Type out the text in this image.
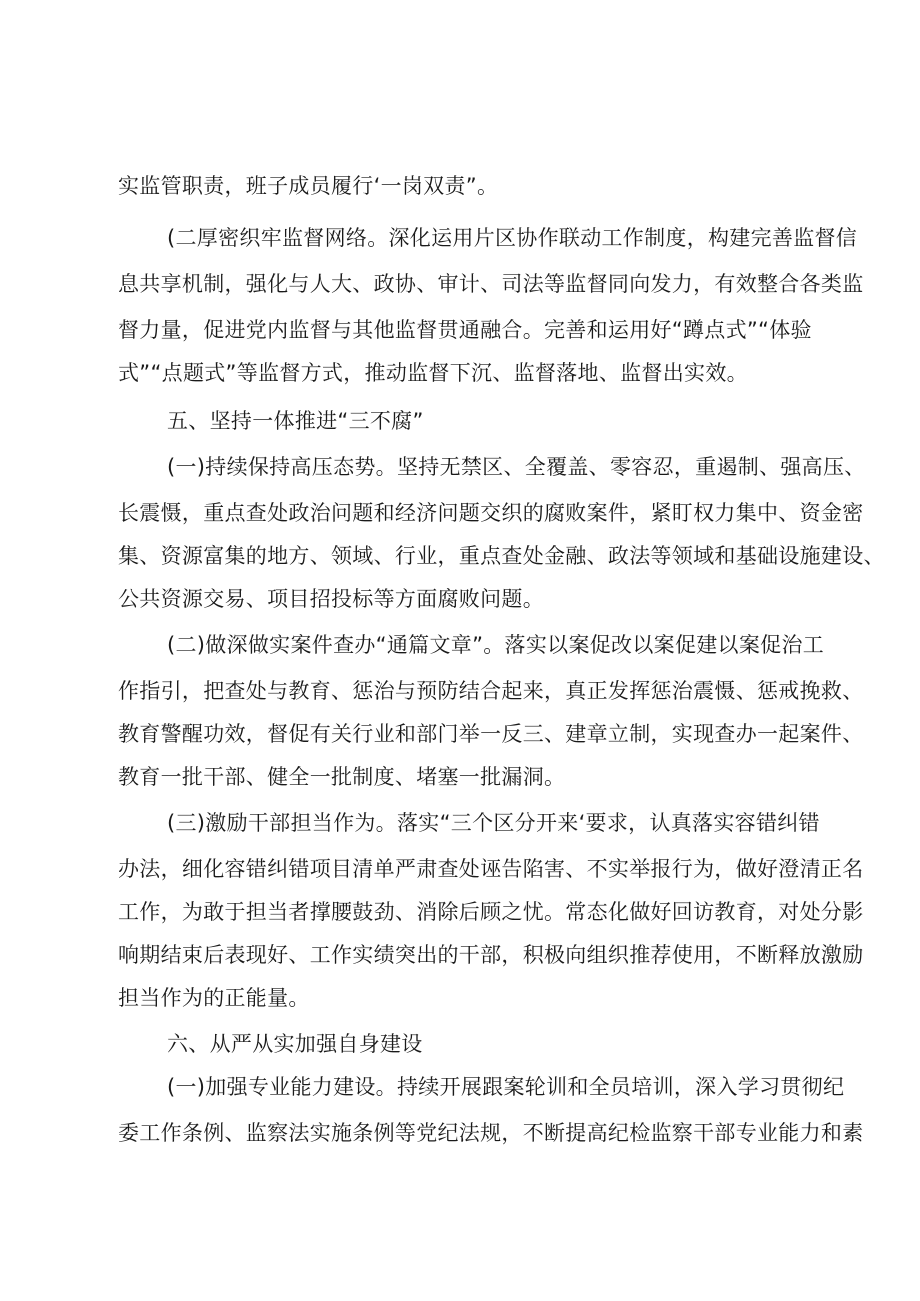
实监管职责，班子成员履行‘一岗双责”。
(二厚密织牢监督网络。深化运用片区协作联动工作制度，构建完善监督信
息共享机制，强化与人大、政协、审计、司法等监督同向发力，有效整合各类监
督力量，促进党内监督与其他监督贯通融合。完善和运用好“蹲点式”“体验
式”“点题式”等监督方式，推动监督下沉、监督落地、监督出实效。
五、坚持一体推进“三不腐”
(一)持续保持高压态势。坚持无禁区、全覆盖、零容忍，重遏制、强高压、
长震慑，重点查处政治问题和经济问题交织的腐败案件，紧盯权力集中、资金密
集、资源富集的地方、领域、行业，重点查处金融、政法等领域和基础设施建设、
公共资源交易、项目招投标等方面腐败问题。
(二)做深做实案件查办“通篇文章”。落实以案促改以案促建以案促治工
作指引，把查处与教育、惩治与预防结合起来，真正发挥惩治震慑、惩戒挽救、
教育警醒功效，督促有关行业和部门举一反三、建章立制，实现查办一起案件、
教育一批干部、健全一批制度、堵塞一批漏洞。
(三)激励干部担当作为。落实“三个区分开来‘要求，认真落实容错纠错
办法，细化容错纠错项目清单严肃查处诬告陷害、不实举报行为，做好澄清正名
工作，为敢于担当者撑腰鼓劲、消除后顾之忧。常态化做好回访教育，对处分影
响期结束后表现好、工作实绩突出的干部，积极向组织推荐使用，不断释放激励
担当作为的正能量。
六、从严从实加强自身建设
(一)加强专业能力建设。持续开展跟案轮训和全员培训，深入学习贯彻纪
委工作条例、监察法实施条例等党纪法规，不断提高纪检监察干部专业能力和素
